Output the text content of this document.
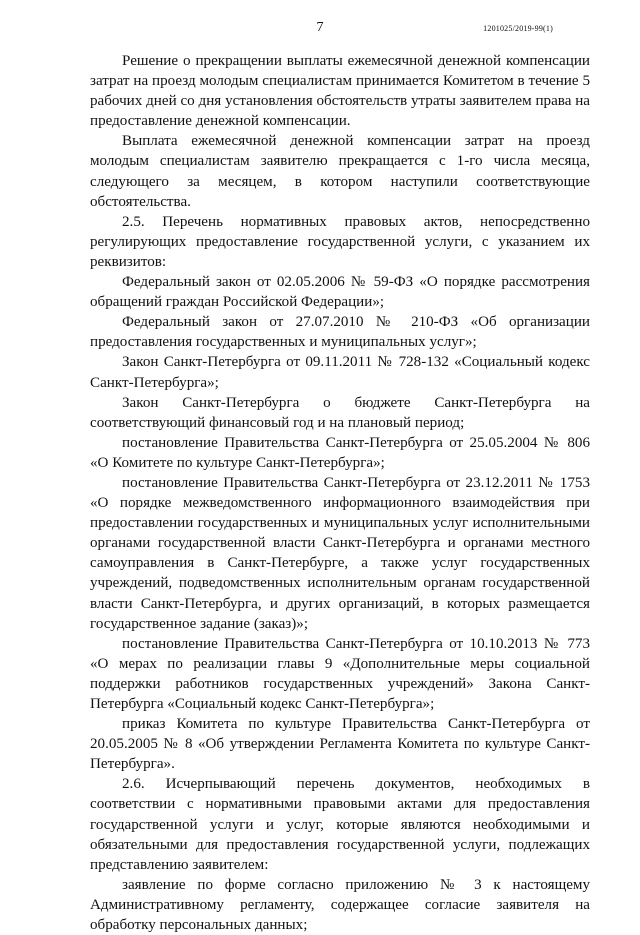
7	1201025/2019-99(1)

Решение о прекращении выплаты ежемесячной денежной компенсации затрат на проезд молодым специалистам принимается Комитетом в течение 5 рабочих дней со дня установления обстоятельств утраты заявителем права на предоставление денежной компенсации.

Выплата ежемесячной денежной компенсации затрат на проезд молодым специалистам заявителю прекращается с 1-го числа месяца, следующего за месяцем, в котором наступили соответствующие обстоятельства.

2.5. Перечень нормативных правовых актов, непосредственно регулирующих предоставление государственной услуги, с указанием их реквизитов:

Федеральный закон от 02.05.2006 № 59-ФЗ «О порядке рассмотрения обращений граждан Российской Федерации»;

Федеральный закон от 27.07.2010 № 210-ФЗ «Об организации предоставления государственных и муниципальных услуг»;

Закон Санкт-Петербурга от 09.11.2011 № 728-132 «Социальный кодекс Санкт-Петербурга»;

Закон Санкт-Петербурга о бюджете Санкт-Петербурга на соответствующий финансовый год и на плановый период;

постановление Правительства Санкт-Петербурга от 25.05.2004 № 806 «О Комитете по культуре Санкт-Петербурга»;

постановление Правительства Санкт-Петербурга от 23.12.2011 № 1753 «О порядке межведомственного информационного взаимодействия при предоставлении государственных и муниципальных услуг исполнительными органами государственной власти Санкт-Петербурга и органами местного самоуправления в Санкт-Петербурге, а также услуг государственных учреждений, подведомственных исполнительным органам государственной власти Санкт-Петербурга, и других организаций, в которых размещается государственное задание (заказ)»;

постановление Правительства Санкт-Петербурга от 10.10.2013 № 773 «О мерах по реализации главы 9 «Дополнительные меры социальной поддержки работников государственных учреждений» Закона Санкт-Петербурга «Социальный кодекс Санкт-Петербурга»;

приказ Комитета по культуре Правительства Санкт-Петербурга от 20.05.2005 № 8 «Об утверждении Регламента Комитета по культуре Санкт-Петербурга».

2.6. Исчерпывающий перечень документов, необходимых в соответствии с нормативными правовыми актами для предоставления государственной услуги и услуг, которые являются необходимыми и обязательными для предоставления государственной услуги, подлежащих представлению заявителем:

заявление по форме согласно приложению № 3 к настоящему Административному регламенту, содержащее согласие заявителя на обработку персональных данных;
